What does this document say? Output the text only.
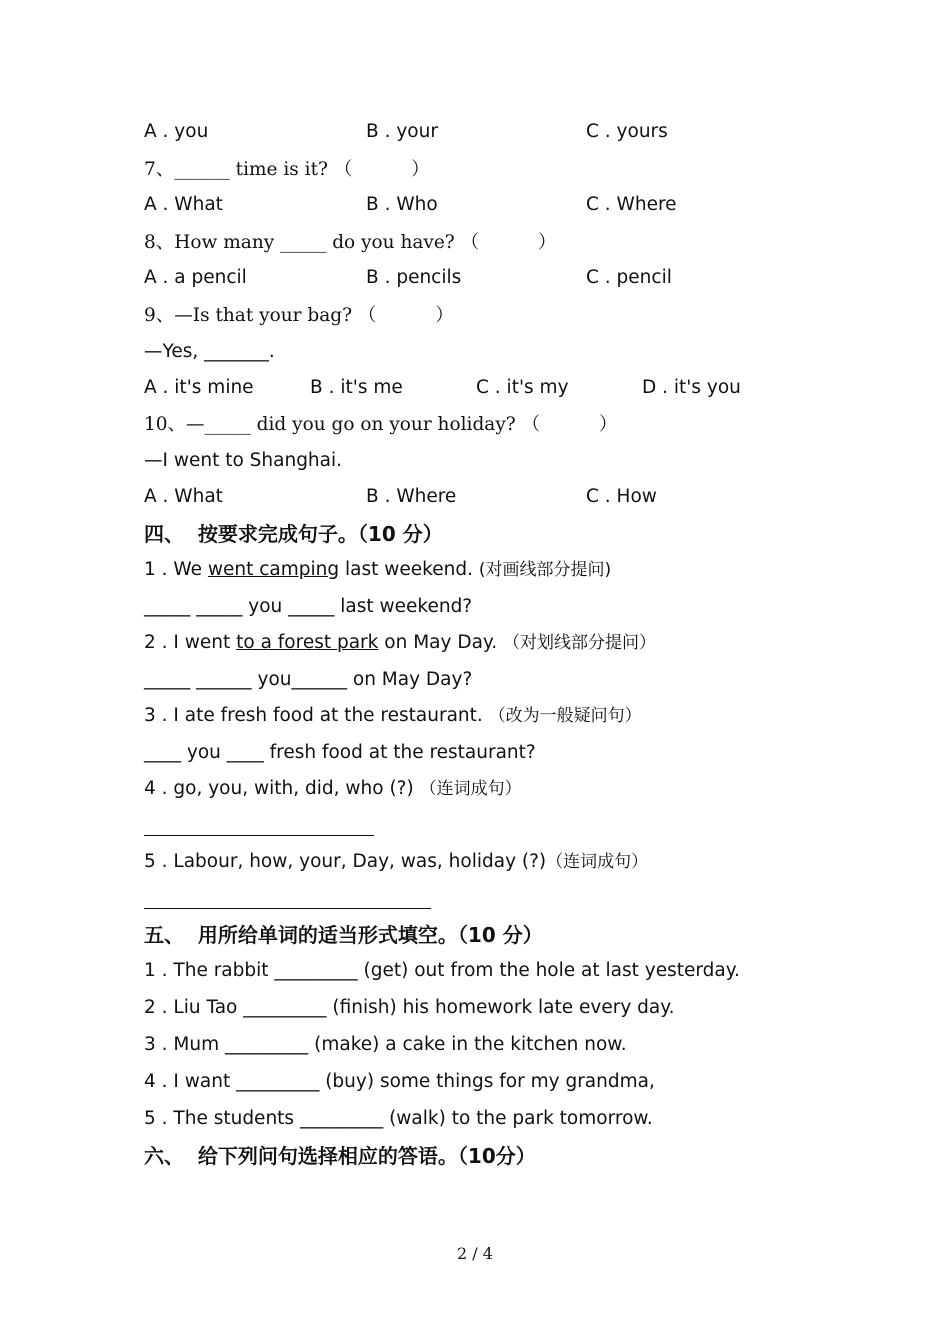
A . you	B . your	C . yours
7、______ time is it? （          ）
A . What	B . Who	C . Where
8、How many _____ do you have? （          ）
A . a pencil	B . pencils	C . pencil
9、—Is that your bag? （          ）
—Yes, _______.
A . it's mine	B . it's me	C . it's my	D . it's you
10、—_____ did you go on your holiday? （          ）
—I went to Shanghai.
A . What	B . Where	C . How
四、  按要求完成句子。（10 分）
1 . We went camping last weekend. (对画线部分提问)
_____ _____ you _____ last weekend?
2 . I went to a forest park on May Day. （对划线部分提问）
_____ ______ you______ on May Day?
3 . I ate fresh food at the restaurant. （改为一般疑问句）
____ you ____ fresh food at the restaurant?
4 . go, you, with, did, who (?) （连词成句）
5 . Labour, how, your, Day, was, holiday (?)（连词成句）
五、  用所给单词的适当形式填空。（10 分）
1 . The rabbit _________ (get) out from the hole at last yesterday.
2 . Liu Tao _________ (finish) his homework late every day.
3 . Mum _________ (make) a cake in the kitchen now.
4 . I want _________ (buy) some things for my grandma,
5 . The students _________ (walk) to the park tomorrow.
六、  给下列问句选择相应的答语。（10分）
2 / 4
